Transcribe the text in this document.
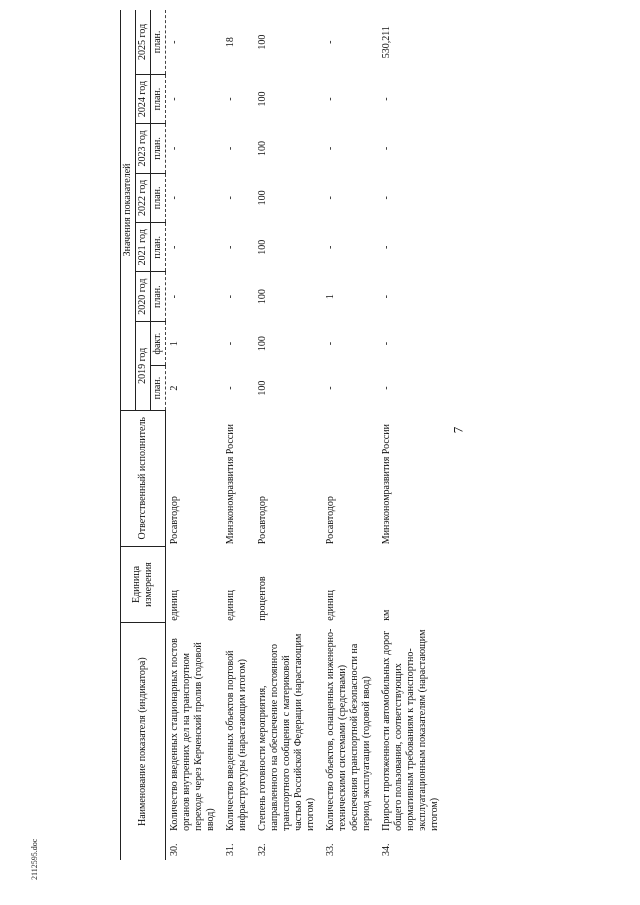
7
Наименование показателя (индикатора)		Единица измерения	Ответственный исполнитель	Значения показателей							
				2019 год		2020 год	2021 год	2022 год	2023 год	2024 год	2025 год
				план.	факт.	план.	план.	план.	план.	план.	план.

30.	Количество введенных стационарных постов органов внутренних дел на транспортном переходе через Керченский пролив (годовой ввод)	единиц	Росавтодор	2	1	-	-	-	-	-	-
31.	Количество введенных объектов портовой инфраструктуры (нарастающим итогом)	единиц	Минэкономразвития России	-	-	-	-	-	-	-	18
32.	Степень готовности мероприятия, направленного на обеспечение постоянного транспортного сообщения с материковой частью Российской Федерации (нарастающим итогом)	процентов	Росавтодор	100	100	100	100	100	100	100	100
33.	Количество объектов, оснащенных инженерно-техническими системами (средствами) обеспечения транспортной безопасности на период эксплуатации (годовой ввод)	единиц	Росавтодор	-	-	1	-	-	-	-	-
34.	Прирост протяженности автомобильных дорог общего пользования, соответствующих нормативным требованиям к транспортно-эксплуатационным показателям (нарастающим итогом)	км	Минэкономразвития России	-	-	-	-	-	-	-	530,211
2112595.doc
